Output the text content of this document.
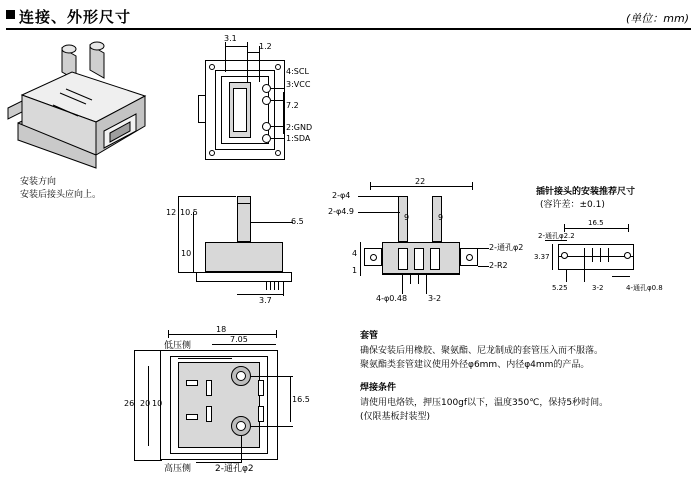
连接、外形尺寸	(单位：mm)
4:SCL
3:VCC
7.2
2:GND
1:SDA
3.1
1.2
安装方向
安装后接头应向上。
12 10.5
10
6.5
3.7
22
2-φ4
2-φ4.9
9	9
4
1
2-通孔φ2
2-R2
4-φ0.48	3-2
插针接头的安装推荐尺寸
(容许差：±0.1)
2-通孔φ2.2
16.5
3.37
5.25	3-2	4-通孔φ0.8
18
7.05
26 20 10	16.5
低压侧
高压侧	2-通孔φ2
套管
确保安装后用橡胶、聚氨酯、尼龙制成的套管压入而不服落。
聚氨酯类套管建议使用外径φ6mm、内径φ4mm的产品。
焊接条件
请使用电烙铁，押压100gf以下，温度350℃，保持5秒时间。
(仅限基板封装型)
